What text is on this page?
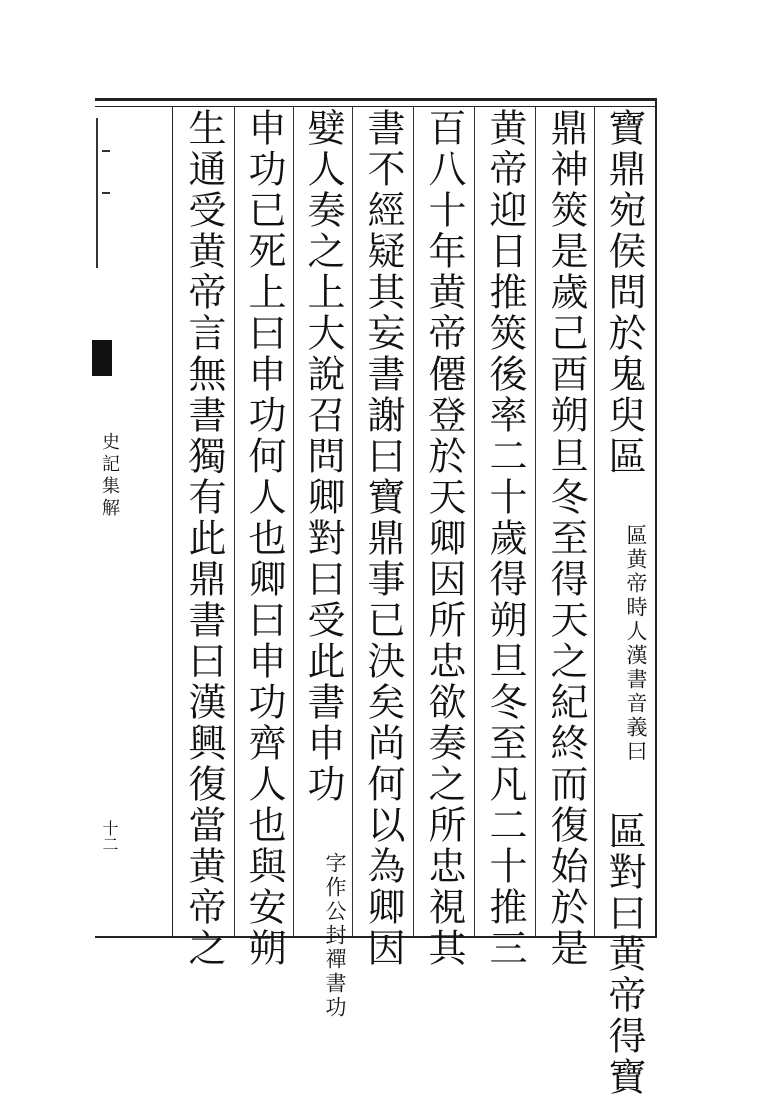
寶鼎宛侯問於鬼臾區
漢書音義曰
區黄帝時人
區對曰黄帝得寶
鼎神筴是歲己酉朔旦冬至得天之紀終而復始於是
黄帝迎日推筴後率二十歲得朔旦冬至凡二十推三
百八十年黄帝僊登於天卿因所忠欲奏之所忠視其
書不經疑其妄書謝曰寶鼎事已決矣尚何以為卿因
嬖人奏之上大說召問卿對曰受此書申功
封禪書功
字作公
申功已死上曰申功何人也卿曰申功齊人也與安朔
生通受黄帝言無書獨有此鼎書曰漢興復當黄帝之
史記集解
十二
